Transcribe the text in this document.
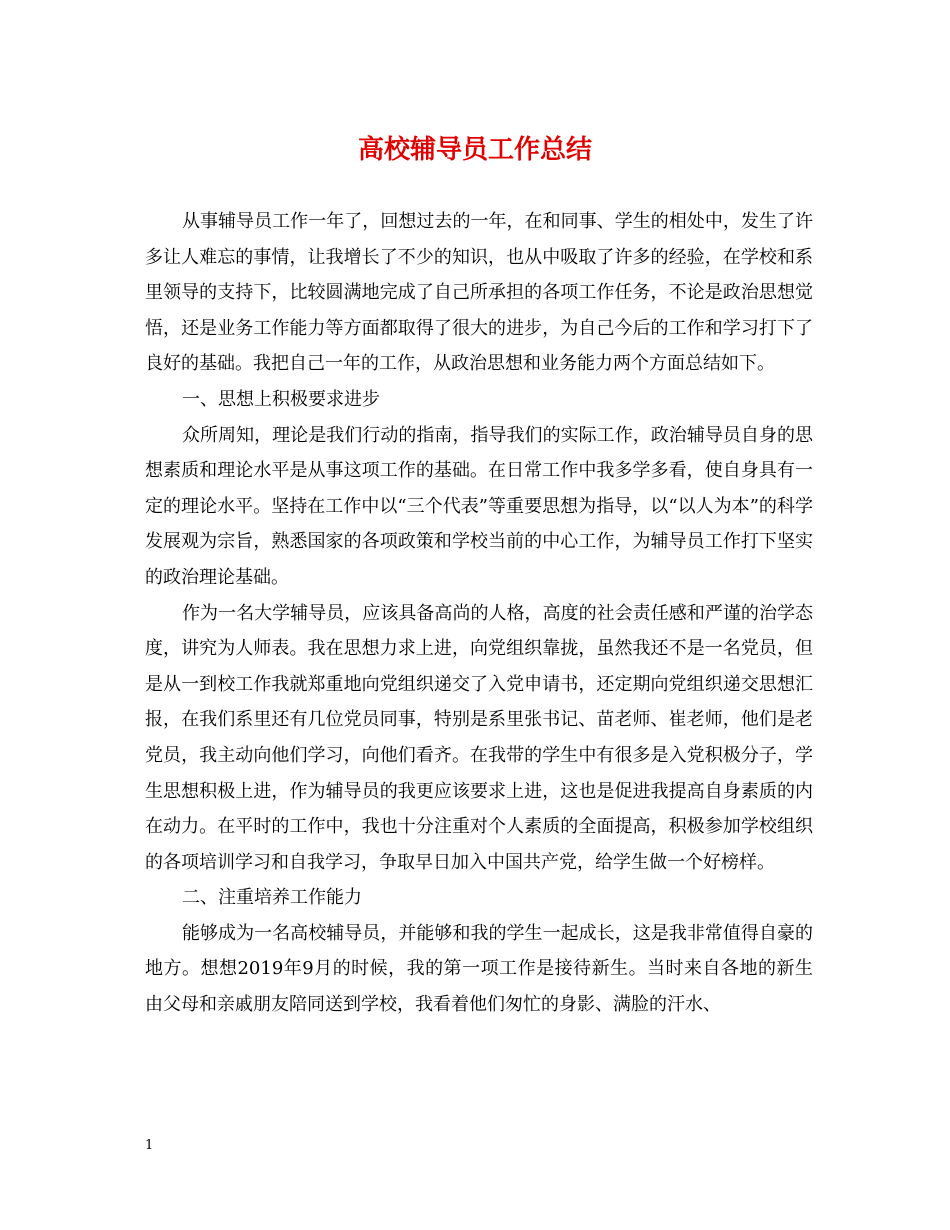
高校辅导员工作总结

从事辅导员工作一年了，回想过去的一年，在和同事、学生的相处中，发生了许多让人难忘的事情，让我增长了不少的知识，也从中吸取了许多的经验，在学校和系里领导的支持下，比较圆满地完成了自己所承担的各项工作任务，不论是政治思想觉悟，还是业务工作能力等方面都取得了很大的进步，为自己今后的工作和学习打下了良好的基础。我把自己一年的工作，从政治思想和业务能力两个方面总结如下。

一、思想上积极要求进步

众所周知，理论是我们行动的指南，指导我们的实际工作，政治辅导员自身的思想素质和理论水平是从事这项工作的基础。在日常工作中我多学多看，使自身具有一定的理论水平。坚持在工作中以“三个代表”等重要思想为指导，以“以人为本”的科学发展观为宗旨，熟悉国家的各项政策和学校当前的中心工作，为辅导员工作打下坚实的政治理论基础。

作为一名大学辅导员，应该具备高尚的人格，高度的社会责任感和严谨的治学态度，讲究为人师表。我在思想力求上进，向党组织靠拢，虽然我还不是一名党员，但是从一到校工作我就郑重地向党组织递交了入党申请书，还定期向党组织递交思想汇报，在我们系里还有几位党员同事，特别是系里张书记、苗老师、崔老师，他们是老党员，我主动向他们学习，向他们看齐。在我带的学生中有很多是入党积极分子，学生思想积极上进，作为辅导员的我更应该要求上进，这也是促进我提高自身素质的内在动力。在平时的工作中，我也十分注重对个人素质的全面提高，积极参加学校组织的各项培训学习和自我学习，争取早日加入中国共产党，给学生做一个好榜样。

二、注重培养工作能力

能够成为一名高校辅导员，并能够和我的学生一起成长，这是我非常值得自豪的地方。想想2019年9月的时候，我的第一项工作是接待新生。当时来自各地的新生由父母和亲戚朋友陪同送到学校，我看着他们匆忙的身影、满脸的汗水、

1
